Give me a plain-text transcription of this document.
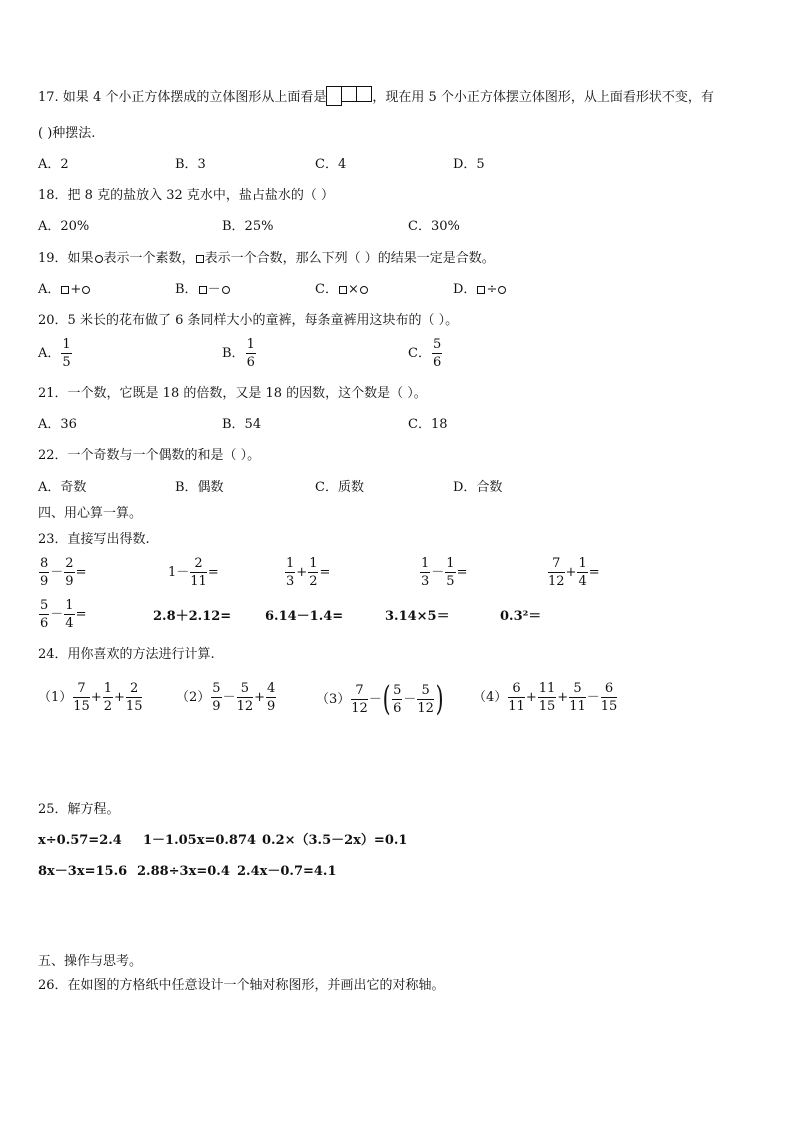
17. 如果 4 个小正方体摆成的立体图形从上面看是	，现在用 5 个小正方体摆立体图形，从上面看形状不变，有
( )种摆法.
A．2	B．3	C．4	D．5
18．把 8 克的盐放入 32 克水中，盐占盐水的（ ）
A．20%	B．25%	C．30%
19．如果 表示一个素数， 表示一个合数，那么下列（ ）的结果一定是合数。
A． +	B． －	C． ×	D． ÷
20．5 米长的花布做了 6 条同样大小的童裤，每条童裤用这块布的（ ）。
A． $\frac{1}{5}$	B． $\frac{1}{6}$	C． $\frac{5}{6}$
21．一个数，它既是 18 的倍数，又是 18 的因数，这个数是（ ）。
A．36	B．54	C．18
22．一个奇数与一个偶数的和是（ ）。
A．奇数	B．偶数	C．质数	D．合数
四、用心算一算。
23．直接写出得数.
$\frac{8}{9} - \frac{2}{9}$ =	$1- \frac{2}{11}$ =	$\frac{1}{3} + \frac{1}{2}$ =	$\frac{1}{3} - \frac{1}{5}$ =	$\frac{7}{12} + \frac{1}{4}$ =
$\frac{5}{6} - \frac{1}{4}$ =	2.8＋2.12=	6.14－1.4=	3.14×5＝	0.3²＝
24．用你喜欢的方法进行计算.
$(1) \frac{7}{15} + \frac{1}{2} + \frac{2}{15}$	$(2) \frac{5}{9} - \frac{5}{12} + \frac{4}{9}$	$(3) \frac{7}{12}$ － ( $\frac{5}{6} - \frac{5}{12}$ ) $(4) \frac{6}{11} + \frac{11}{15} + \frac{5}{11} - \frac{6}{15}$
25．解方程。
x÷0.57=2.4 1－1.05x=0.874 0.2×（3.5－2x）=0.1
8x－3x=15.6 2.88÷3x=0.4 2.4x－0.7=4.1
五、操作与思考。
26．在如图的方格纸中任意设计一个轴对称图形，并画出它的对称轴。
